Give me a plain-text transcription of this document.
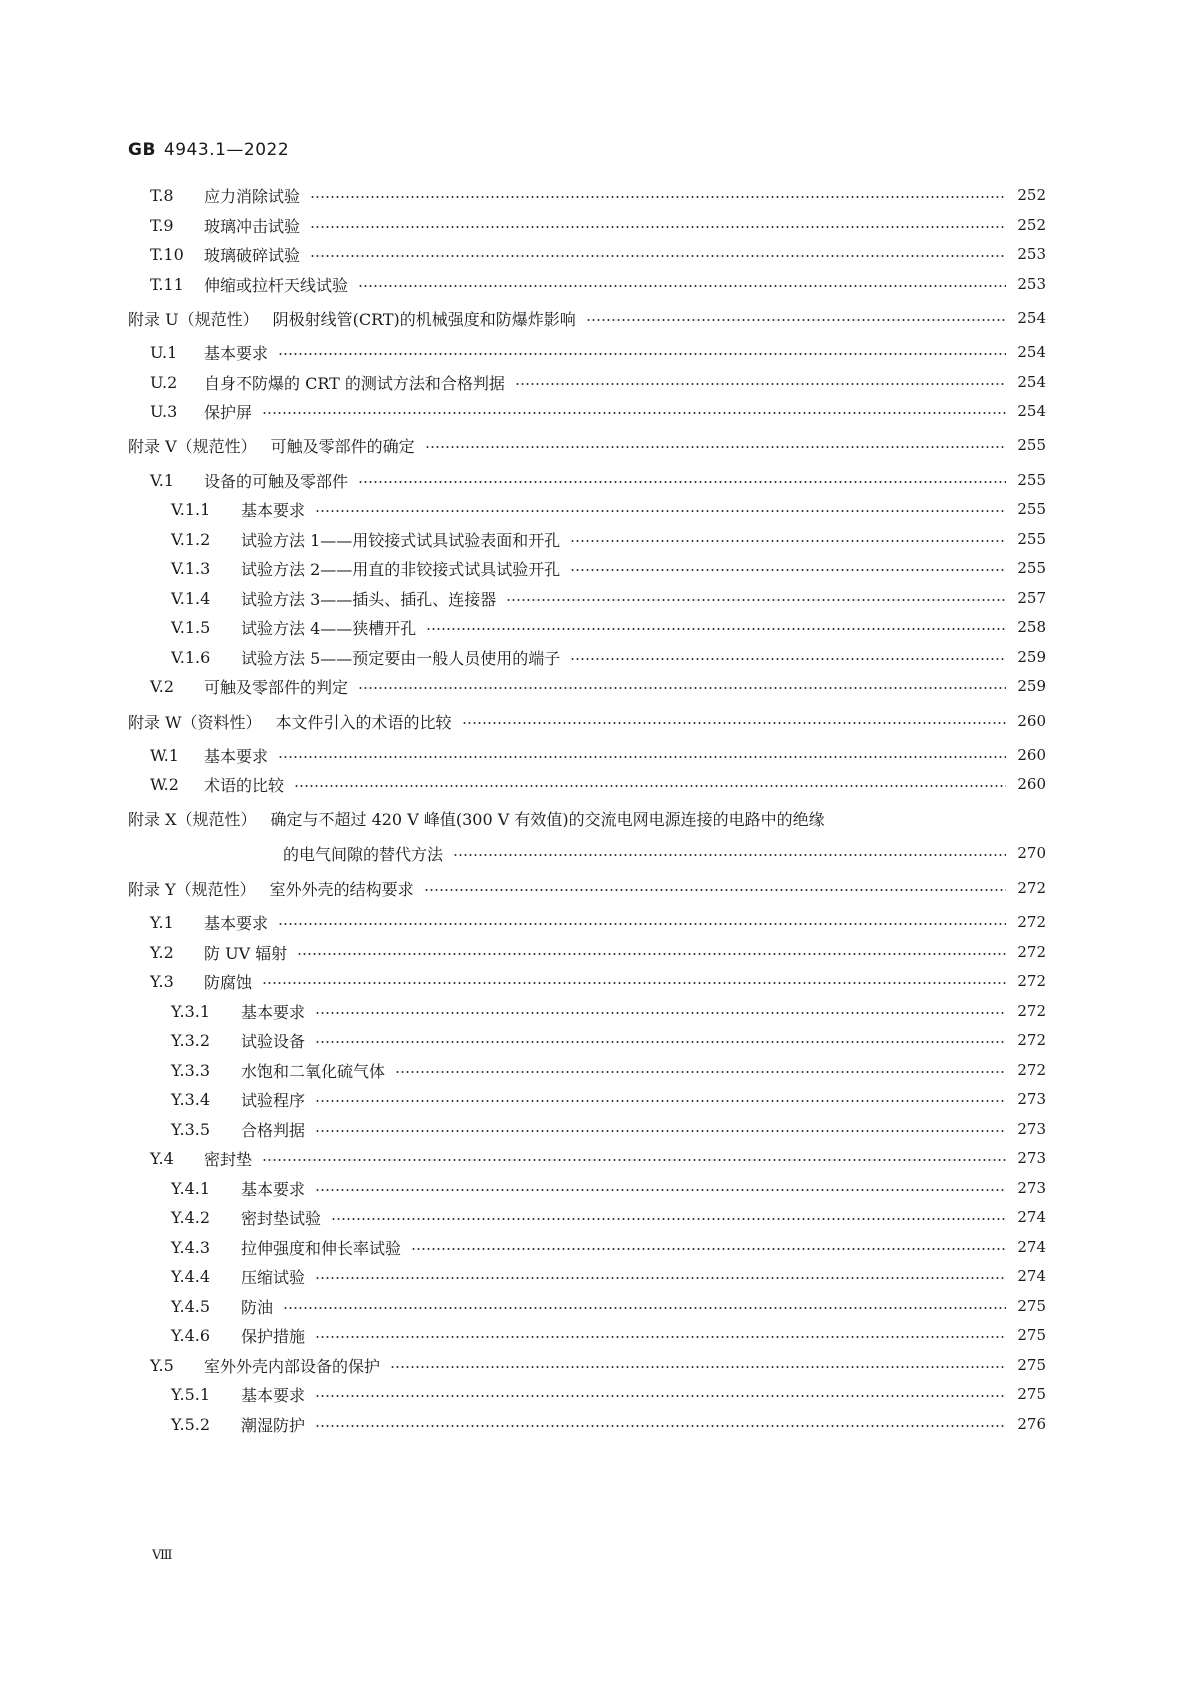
GB 4943.1—2022
T.8	应力消除试验	252
T.9	玻璃冲击试验	252
T.10	玻璃破碎试验	253
T.11	伸缩或拉杆天线试验	253
附录 U（规范性） 阴极射线管(CRT)的机械强度和防爆炸影响	254
U.1	基本要求	254
U.2	自身不防爆的 CRT 的测试方法和合格判据	254
U.3	保护屏	254
附录 V（规范性） 可触及零部件的确定	255
V.1	设备的可触及零部件	255
V.1.1	基本要求	255
V.1.2	试验方法 1——用铰接式试具试验表面和开孔	255
V.1.3	试验方法 2——用直的非铰接式试具试验开孔	255
V.1.4	试验方法 3——插头、插孔、连接器	257
V.1.5	试验方法 4——狭槽开孔	258
V.1.6	试验方法 5——预定要由一般人员使用的端子	259
V.2	可触及零部件的判定	259
附录 W（资料性） 本文件引入的术语的比较	260
W.1	基本要求	260
W.2	术语的比较	260
附录 X（规范性） 确定与不超过 420 V 峰值(300 V 有效值)的交流电网电源连接的电路中的绝缘
的电气间隙的替代方法	270
附录 Y（规范性） 室外外壳的结构要求	272
Y.1	基本要求	272
Y.2	防 UV 辐射	272
Y.3	防腐蚀	272
Y.3.1	基本要求	272
Y.3.2	试验设备	272
Y.3.3	水饱和二氧化硫气体	272
Y.3.4	试验程序	273
Y.3.5	合格判据	273
Y.4	密封垫	273
Y.4.1	基本要求	273
Y.4.2	密封垫试验	274
Y.4.3	拉伸强度和伸长率试验	274
Y.4.4	压缩试验	274
Y.4.5	防油	275
Y.4.6	保护措施	275
Y.5	室外外壳内部设备的保护	275
Y.5.1	基本要求	275
Y.5.2	潮湿防护	276
Ⅷ
